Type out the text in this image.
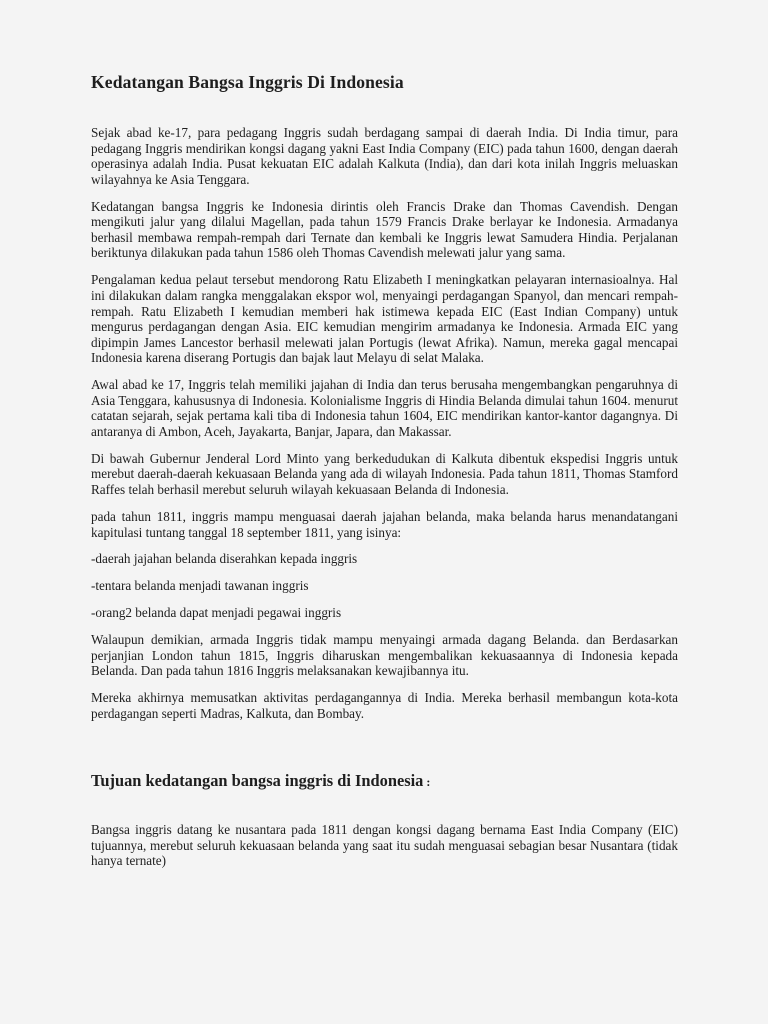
Kedatangan Bangsa Inggris Di Indonesia

Sejak abad ke-17, para pedagang Inggris sudah berdagang sampai di daerah India. Di India timur, para pedagang Inggris mendirikan kongsi dagang yakni East India Company (EIC) pada tahun 1600, dengan daerah operasinya adalah India. Pusat kekuatan EIC adalah Kalkuta (India), dan dari kota inilah Inggris meluaskan wilayahnya ke Asia Tenggara.

Kedatangan bangsa Inggris ke Indonesia dirintis oleh Francis Drake dan Thomas Cavendish. Dengan mengikuti jalur yang dilalui Magellan, pada tahun 1579 Francis Drake berlayar ke Indonesia. Armadanya berhasil membawa rempah-rempah dari Ternate dan kembali ke Inggris lewat Samudera Hindia. Perjalanan beriktunya dilakukan pada tahun 1586 oleh Thomas Cavendish melewati jalur yang sama.

Pengalaman kedua pelaut tersebut mendorong Ratu Elizabeth I meningkatkan pelayaran internasioalnya. Hal ini dilakukan dalam rangka menggalakan ekspor wol, menyaingi perdagangan Spanyol, dan mencari rempah-rempah. Ratu Elizabeth I kemudian memberi hak istimewa kepada EIC (East Indian Company) untuk mengurus perdagangan dengan Asia. EIC kemudian mengirim armadanya ke Indonesia. Armada EIC yang dipimpin James Lancestor berhasil melewati jalan Portugis (lewat Afrika). Namun, mereka gagal mencapai Indonesia karena diserang Portugis dan bajak laut Melayu di selat Malaka.

Awal abad ke 17, Inggris telah memiliki jajahan di India dan terus berusaha mengembangkan pengaruhnya di Asia Tenggara, kahususnya di Indonesia. Kolonialisme Inggris di Hindia Belanda dimulai tahun 1604. menurut catatan sejarah, sejak pertama kali tiba di Indonesia tahun 1604, EIC mendirikan kantor-kantor dagangnya. Di antaranya di Ambon, Aceh, Jayakarta, Banjar, Japara, dan Makassar.

Di bawah Gubernur Jenderal Lord Minto yang berkedudukan di Kalkuta dibentuk ekspedisi Inggris untuk merebut daerah-daerah kekuasaan Belanda yang ada di wilayah Indonesia. Pada tahun 1811, Thomas Stamford Raffes telah berhasil merebut seluruh wilayah kekuasaan Belanda di Indonesia.

pada tahun 1811, inggris mampu menguasai daerah jajahan belanda, maka belanda harus menandatangani kapitulasi tuntang tanggal 18 september 1811, yang isinya:

-daerah jajahan belanda diserahkan kepada inggris

-tentara belanda menjadi tawanan inggris

-orang2 belanda dapat menjadi pegawai inggris

Walaupun demikian, armada Inggris tidak mampu menyaingi armada dagang Belanda. dan Berdasarkan perjanjian London tahun 1815, Inggris diharuskan mengembalikan kekuasaannya di Indonesia kepada Belanda. Dan pada tahun 1816 Inggris melaksanakan kewajibannya itu.

Mereka akhirnya memusatkan aktivitas perdagangannya di India. Mereka berhasil membangun kota-kota perdagangan seperti Madras, Kalkuta, dan Bombay.

Tujuan kedatangan bangsa inggris di Indonesia :

Bangsa inggris datang ke nusantara pada 1811 dengan kongsi dagang bernama East India Company (EIC) tujuannya, merebut seluruh kekuasaan belanda yang saat itu sudah menguasai sebagian besar Nusantara (tidak hanya ternate)
